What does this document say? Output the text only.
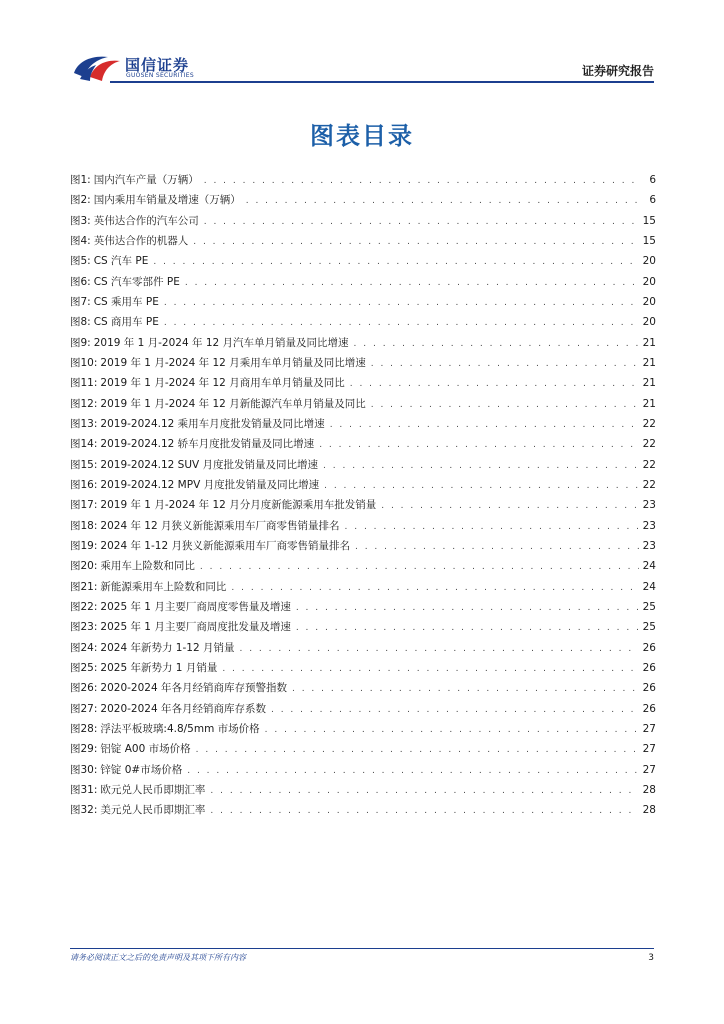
国信证券
GUOSEN SECURITIES	证券研究报告
图表目录
图1: 国内汽车产量（万辆） . . .	6
图2: 国内乘用车销量及增速（万辆） . . .	6
图3: 英伟达合作的汽车公司 . . .	15
图4: 英伟达合作的机器人 . . .	15
图5: CS 汽车 PE . . .	20
图6: CS 汽车零部件 PE . . .	20
图7: CS 乘用车 PE . . .	20
图8: CS 商用车 PE . . .	20
图9: 2019 年 1 月-2024 年 12 月汽车单月销量及同比增速 . . .	21
图10: 2019 年 1 月-2024 年 12 月乘用车单月销量及同比增速 . . .	21
图11: 2019 年 1 月-2024 年 12 月商用车单月销量及同比 . . .	21
图12: 2019 年 1 月-2024 年 12 月新能源汽车单月销量及同比 . . .	21
图13: 2019-2024.12 乘用车月度批发销量及同比增速 . . .	22
图14: 2019-2024.12 轿车月度批发销量及同比增速 . . .	22
图15: 2019-2024.12 SUV 月度批发销量及同比增速 . . .	22
图16: 2019-2024.12 MPV 月度批发销量及同比增速 . . .	22
图17: 2019 年 1 月-2024 年 12 月分月度新能源乘用车批发销量 . . .	23
图18: 2024 年 12 月狭义新能源乘用车厂商零售销量排名 . . .	23
图19: 2024 年 1-12 月狭义新能源乘用车厂商零售销量排名 . . .	23
图20: 乘用车上险数和同比 . . .	24
图21: 新能源乘用车上险数和同比 . . .	24
图22: 2025 年 1 月主要厂商周度零售量及增速 . . .	25
图23: 2025 年 1 月主要厂商周度批发量及增速 . . .	25
图24: 2024 年新势力 1-12 月销量 . . .	26
图25: 2025 年新势力 1 月销量 . . .	26
图26: 2020-2024 年各月经销商库存预警指数 . . .	26
图27: 2020-2024 年各月经销商库存系数 . . .	26
图28: 浮法平板玻璃:4.8/5mm 市场价格 . . .	27
图29: 铝锭 A00 市场价格 . . .	27
图30: 锌锭 0#市场价格 . . .	27
图31: 欧元兑人民币即期汇率 . . .	28
图32: 美元兑人民币即期汇率 . . .	28
请务必阅读正文之后的免责声明及其项下所有内容	3
